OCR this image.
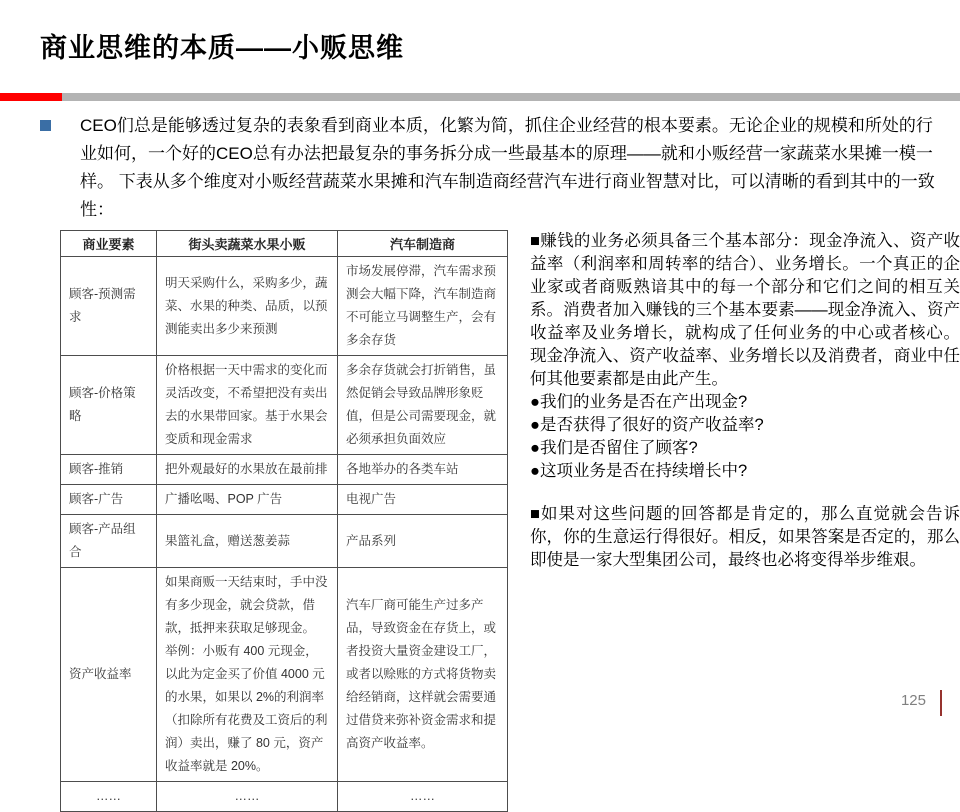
商业思维的本质——小贩思维
CEO们总是能够透过复杂的表象看到商业本质，化繁为简，抓住企业经营的根本要素。无论企业的规模和所处的行业如何，一个好的CEO总有办法把最复杂的事务拆分成一些最基本的原理——就和小贩经营一家蔬菜水果摊一模一样。 下表从多个维度对小贩经营蔬菜水果摊和汽车制造商经营汽车进行商业智慧对比，可以清晰的看到其中的一致性：
商业要素	街头卖蔬菜水果小贩	汽车制造商
顾客-预测需求	明天采购什么，采购多少，蔬菜、水果的种类、品质，以预测能卖出多少来预测	市场发展停滞，汽车需求预测会大幅下降，汽车制造商不可能立马调整生产，会有多余存货
顾客-价格策略	价格根据一天中需求的变化而灵活改变，不希望把没有卖出去的水果带回家。基于水果会变质和现金需求	多余存货就会打折销售，虽然促销会导致品牌形象贬值，但是公司需要现金，就必须承担负面效应
顾客-推销	把外观最好的水果放在最前排	各地举办的各类车站
顾客-广告	广播吆喝、POP 广告	电视广告
顾客-产品组合	果篮礼盒，赠送葱姜蒜	产品系列
资产收益率	如果商贩一天结束时，手中没有多少现金，就会贷款，借款，抵押来获取足够现金。 举例：小贩有 400 元现金，以此为定金买了价值 4000 元的水果，如果以 2%的利润率（扣除所有花费及工资后的利润）卖出，赚了 80 元，资产收益率就是 20%。	汽车厂商可能生产过多产品，导致资金在存货上，或者投资大量资金建设工厂，或者以赊账的方式将货物卖给经销商，这样就会需要通过借贷来弥补资金需求和提高资产收益率。
……	……	……
■赚钱的业务必须具备三个基本部分：现金净流入、资产收益率（利润率和周转率的结合）、业务增长。一个真正的企业家或者商贩熟谙其中的每一个部分和它们之间的相互关系。消费者加入赚钱的三个基本要素——现金净流入、资产收益率及业务增长，就构成了任何业务的中心或者核心。 现金净流入、资产收益率、业务增长以及消费者，商业中任何其他要素都是由此产生。
●我们的业务是否在产出现金?
●是否获得了很好的资产收益率?
●我们是否留住了顾客?
●这项业务是否在持续增长中?
■如果对这些问题的回答都是肯定的，那么直觉就会告诉你，你的生意运行得很好。相反，如果答案是否定的，那么即使是一家大型集团公司，最终也必将变得举步维艰。
125
